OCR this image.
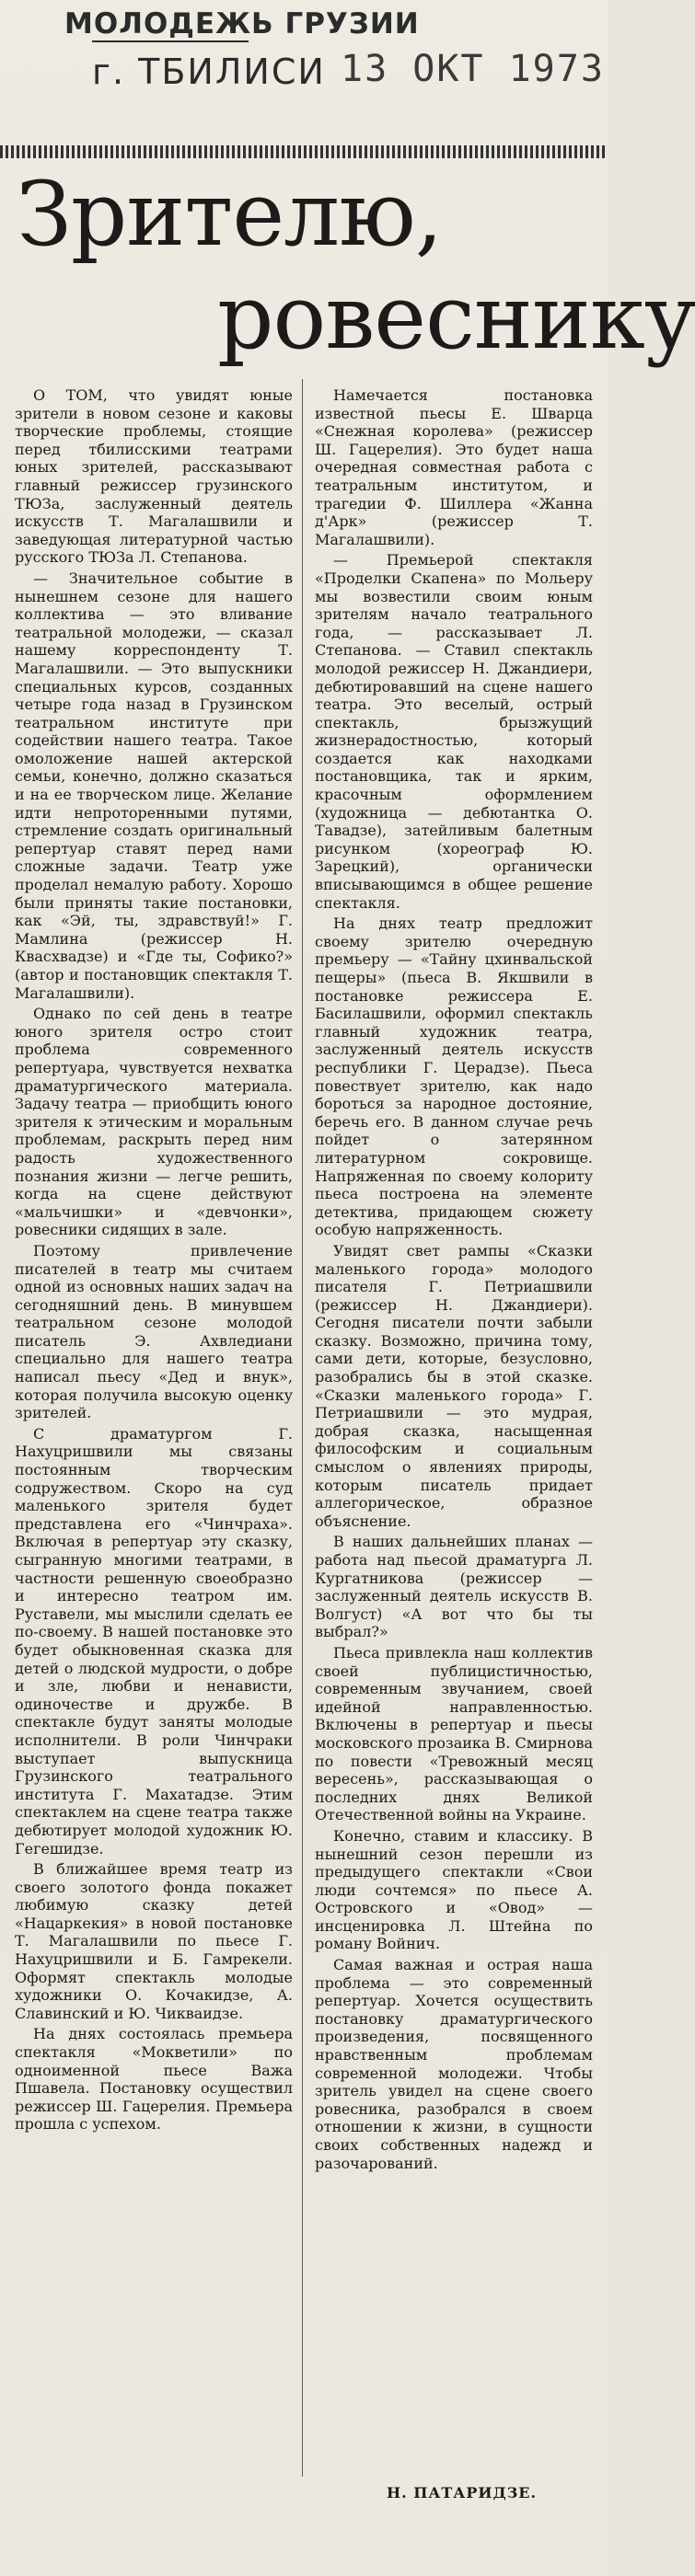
МОЛОДЕЖЬ ГРУЗИИ
г. ТБИЛИСИ 13 ОКТ 1973
Зрителю,
ровеснику

О ТОМ, что увидят юные зрители в новом сезоне и каковы творческие проблемы, стоящие перед тбилисскими театрами юных зрителей, рассказывают главный режиссер грузинского ТЮЗа, заслуженный деятель искусств Т. Магалашвили и заведующая литературной частью русского ТЮЗа Л. Степанова.

— Значительное событие в нынешнем сезоне для нашего коллектива — это вливание театральной молодежи, — сказал нашему корреспонденту Т. Магалашвили. — Это выпускники специальных курсов, созданных четыре года назад в Грузинском театральном институте при содействии нашего театра. Такое омоложение нашей актерской семьи, конечно, должно сказаться и на ее творческом лице. Желание идти непроторенными путями, стремление создать оригинальный репертуар ставят перед нами сложные задачи. Театр уже проделал немалую работу. Хорошо были приняты такие постановки, как «Эй, ты, здравствуй!» Г. Мамлина (режиссер Н. Квасхвадзе) и «Где ты, Софико?» (автор и постановщик спектакля Т. Магалашвили).

Однако по сей день в театре юного зрителя остро стоит проблема современного репертуара, чувствуется нехватка драматургического материала. Задачу театра — приобщить юного зрителя к этическим и моральным проблемам, раскрыть перед ним радость художественного познания жизни — легче решить, когда на сцене действуют «мальчишки» и «девчонки», ровесники сидящих в зале.

Поэтому привлечение писателей в театр мы считаем одной из основных наших задач на сегодняшний день. В минувшем театральном сезоне молодой писатель Э. Ахвледиани специально для нашего театра написал пьесу «Дед и внук», которая получила высокую оценку зрителей.

С драматургом Г. Нахуцришвили мы связаны постоянным творческим содружеством. Скоро на суд маленького зрителя будет представлена его «Чинчраха». Включая в репертуар эту сказку, сыгранную многими театрами, в частности решенную своеобразно и интересно театром им. Руставели, мы мыслили сделать ее по-своему. В нашей постановке это будет обыкновенная сказка для детей о людской мудрости, о добре и зле, любви и ненависти, одиночестве и дружбе. В спектакле будут заняты молодые исполнители. В роли Чинчраки выступает выпускница Грузинского театрального института Г. Махатадзе. Этим спектаклем на сцене театра также дебютирует молодой художник Ю. Гегешидзе.

В ближайшее время театр из своего золотого фонда покажет любимую сказку детей «Нацаркекия» в новой постановке Т. Магалашвили по пьесе Г. Нахуцришвили и Б. Гамрекели. Оформят спектакль молодые художники О. Кочакидзе, А. Славинский и Ю. Чикваидзе.

На днях состоялась премьера спектакля «Мокветили» по одноименной пьесе Важа Пшавела. Постановку осуществил режиссер Ш. Гацерелия. Премьера прошла с успехом.

Намечается постановка известной пьесы Е. Шварца «Снежная королева» (режиссер Ш. Гацерелия). Это будет наша очередная совместная работа с театральным институтом, и трагедии Ф. Шиллера «Жанна д'Арк» (режиссер Т. Магалашвили).

— Премьерой спектакля «Проделки Скапена» по Мольеру мы возвестили своим юным зрителям начало театрального года, — рассказывает Л. Степанова. — Ставил спектакль молодой режиссер Н. Джандиери, дебютировавший на сцене нашего театра. Это веселый, острый спектакль, брызжущий жизнерадостностью, который создается как находками постановщика, так и ярким, красочным оформлением (художница — дебютантка О. Тавадзе), затейливым балетным рисунком (хореограф Ю. Зарецкий), органически вписывающимся в общее решение спектакля.

На днях театр предложит своему зрителю очередную премьеру — «Тайну цхинвальской пещеры» (пьеса В. Якшвили в постановке режиссера Е. Басилашвили, оформил спектакль главный художник театра, заслуженный деятель искусств республики Г. Церадзе). Пьеса повествует зрителю, как надо бороться за народное достояние, беречь его. В данном случае речь пойдет о затерянном литературном сокровище. Напряженная по своему колориту пьеса построена на элементе детектива, придающем сюжету особую напряженность.

Увидят свет рампы «Сказки маленького города» молодого писателя Г. Петриашвили (режиссер Н. Джандиери). Сегодня писатели почти забыли сказку. Возможно, причина тому, сами дети, которые, безусловно, разобрались бы в этой сказке. «Сказки маленького города» Г. Петриашвили — это мудрая, добрая сказка, насыщенная философским и социальным смыслом о явлениях природы, которым писатель придает аллегорическое, образное объяснение.

В наших дальнейших планах — работа над пьесой драматурга Л. Кургатникова (режиссер — заслуженный деятель искусств В. Волгуст) «А вот что бы ты выбрал?»

Пьеса привлекла наш коллектив своей публицистичностью, современным звучанием, своей идейной направленностью. Включены в репертуар и пьесы московского прозаика В. Смирнова по повести «Тревожный месяц вересень», рассказывающая о последних днях Великой Отечественной войны на Украине.

Конечно, ставим и классику. В нынешний сезон перешли из предыдущего спектакли «Свои люди сочтемся» по пьесе А. Островского и «Овод» — инсценировка Л. Штейна по роману Войнич.

Самая важная и острая наша проблема — это современный репертуар. Хочется осуществить постановку драматургического произведения, посвященного нравственным проблемам современной молодежи. Чтобы зритель увидел на сцене своего ровесника, разобрался в своем отношении к жизни, в сущности своих собственных надежд и разочарований.

Н. ПАТАРИДЗЕ.
